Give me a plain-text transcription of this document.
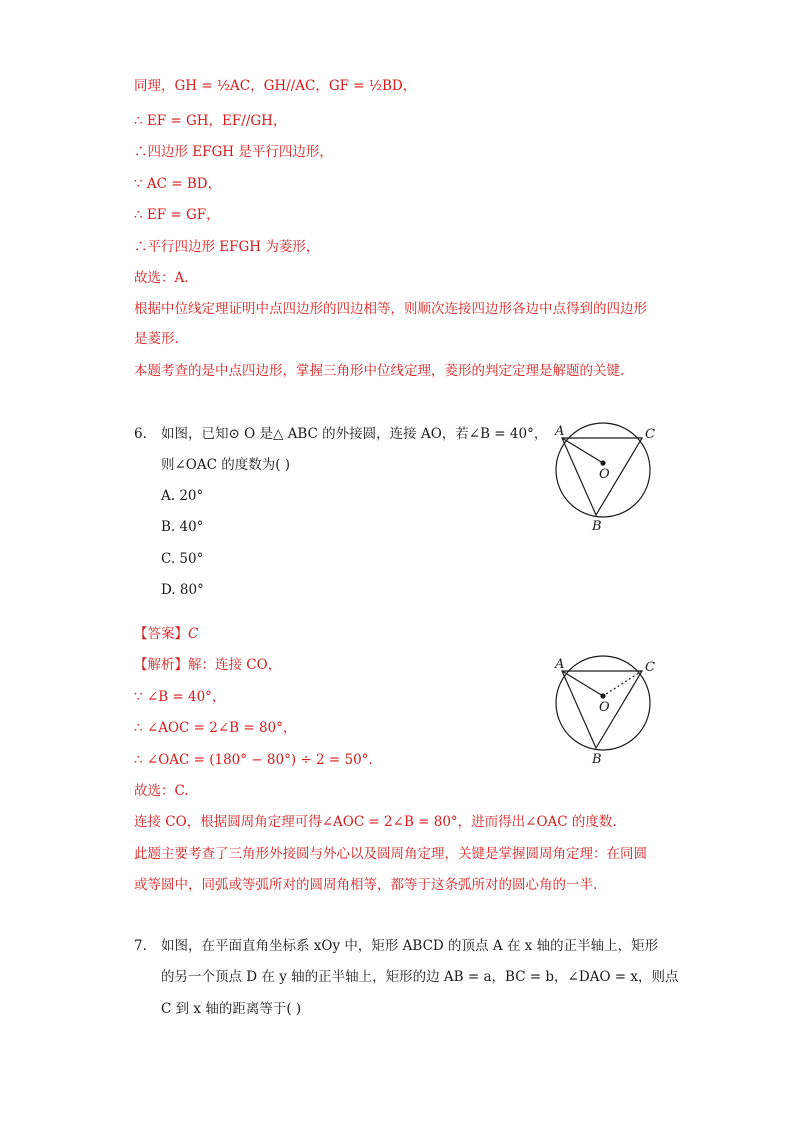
同理，GH = ½AC，GH//AC，GF = ½BD，
∴ EF = GH，EF//GH，
∴四边形 EFGH 是平行四边形，
∵ AC = BD，
∴ EF = GF，
∴平行四边形 EFGH 为菱形，
故选：A.
根据中位线定理证明中点四边形的四边相等，则顺次连接四边形各边中点得到的四边形
是菱形.
本题考查的是中点四边形，掌握三角形中位线定理，菱形的判定定理是解题的关键.
6. 如图，已知⊙ O 是△ ABC 的外接圆，连接 AO，若∠B = 40°，
则∠OAC 的度数为( )
A. 20°
B. 40°
C. 50°
D. 80°
A	C
O
B
【答案】C
【解析】解：连接 CO，
∵ ∠B = 40°，
∴ ∠AOC = 2∠B = 80°，
∴ ∠OAC = (180° − 80°) ÷ 2 = 50°.
故选：C.
连接 CO，根据圆周角定理可得∠AOC = 2∠B = 80°，进而得出∠OAC 的度数.
此题主要考查了三角形外接圆与外心以及圆周角定理，关键是掌握圆周角定理：在同圆
或等圆中，同弧或等弧所对的圆周角相等，都等于这条弧所对的圆心角的一半.
A	C
O
B
7. 如图，在平面直角坐标系 xOy 中，矩形 ABCD 的顶点 A 在 x 轴的正半轴上，矩形
的另一个顶点 D 在 y 轴的正半轴上，矩形的边 AB = a，BC = b，∠DAO = x，则点
C 到 x 轴的距离等于( )
